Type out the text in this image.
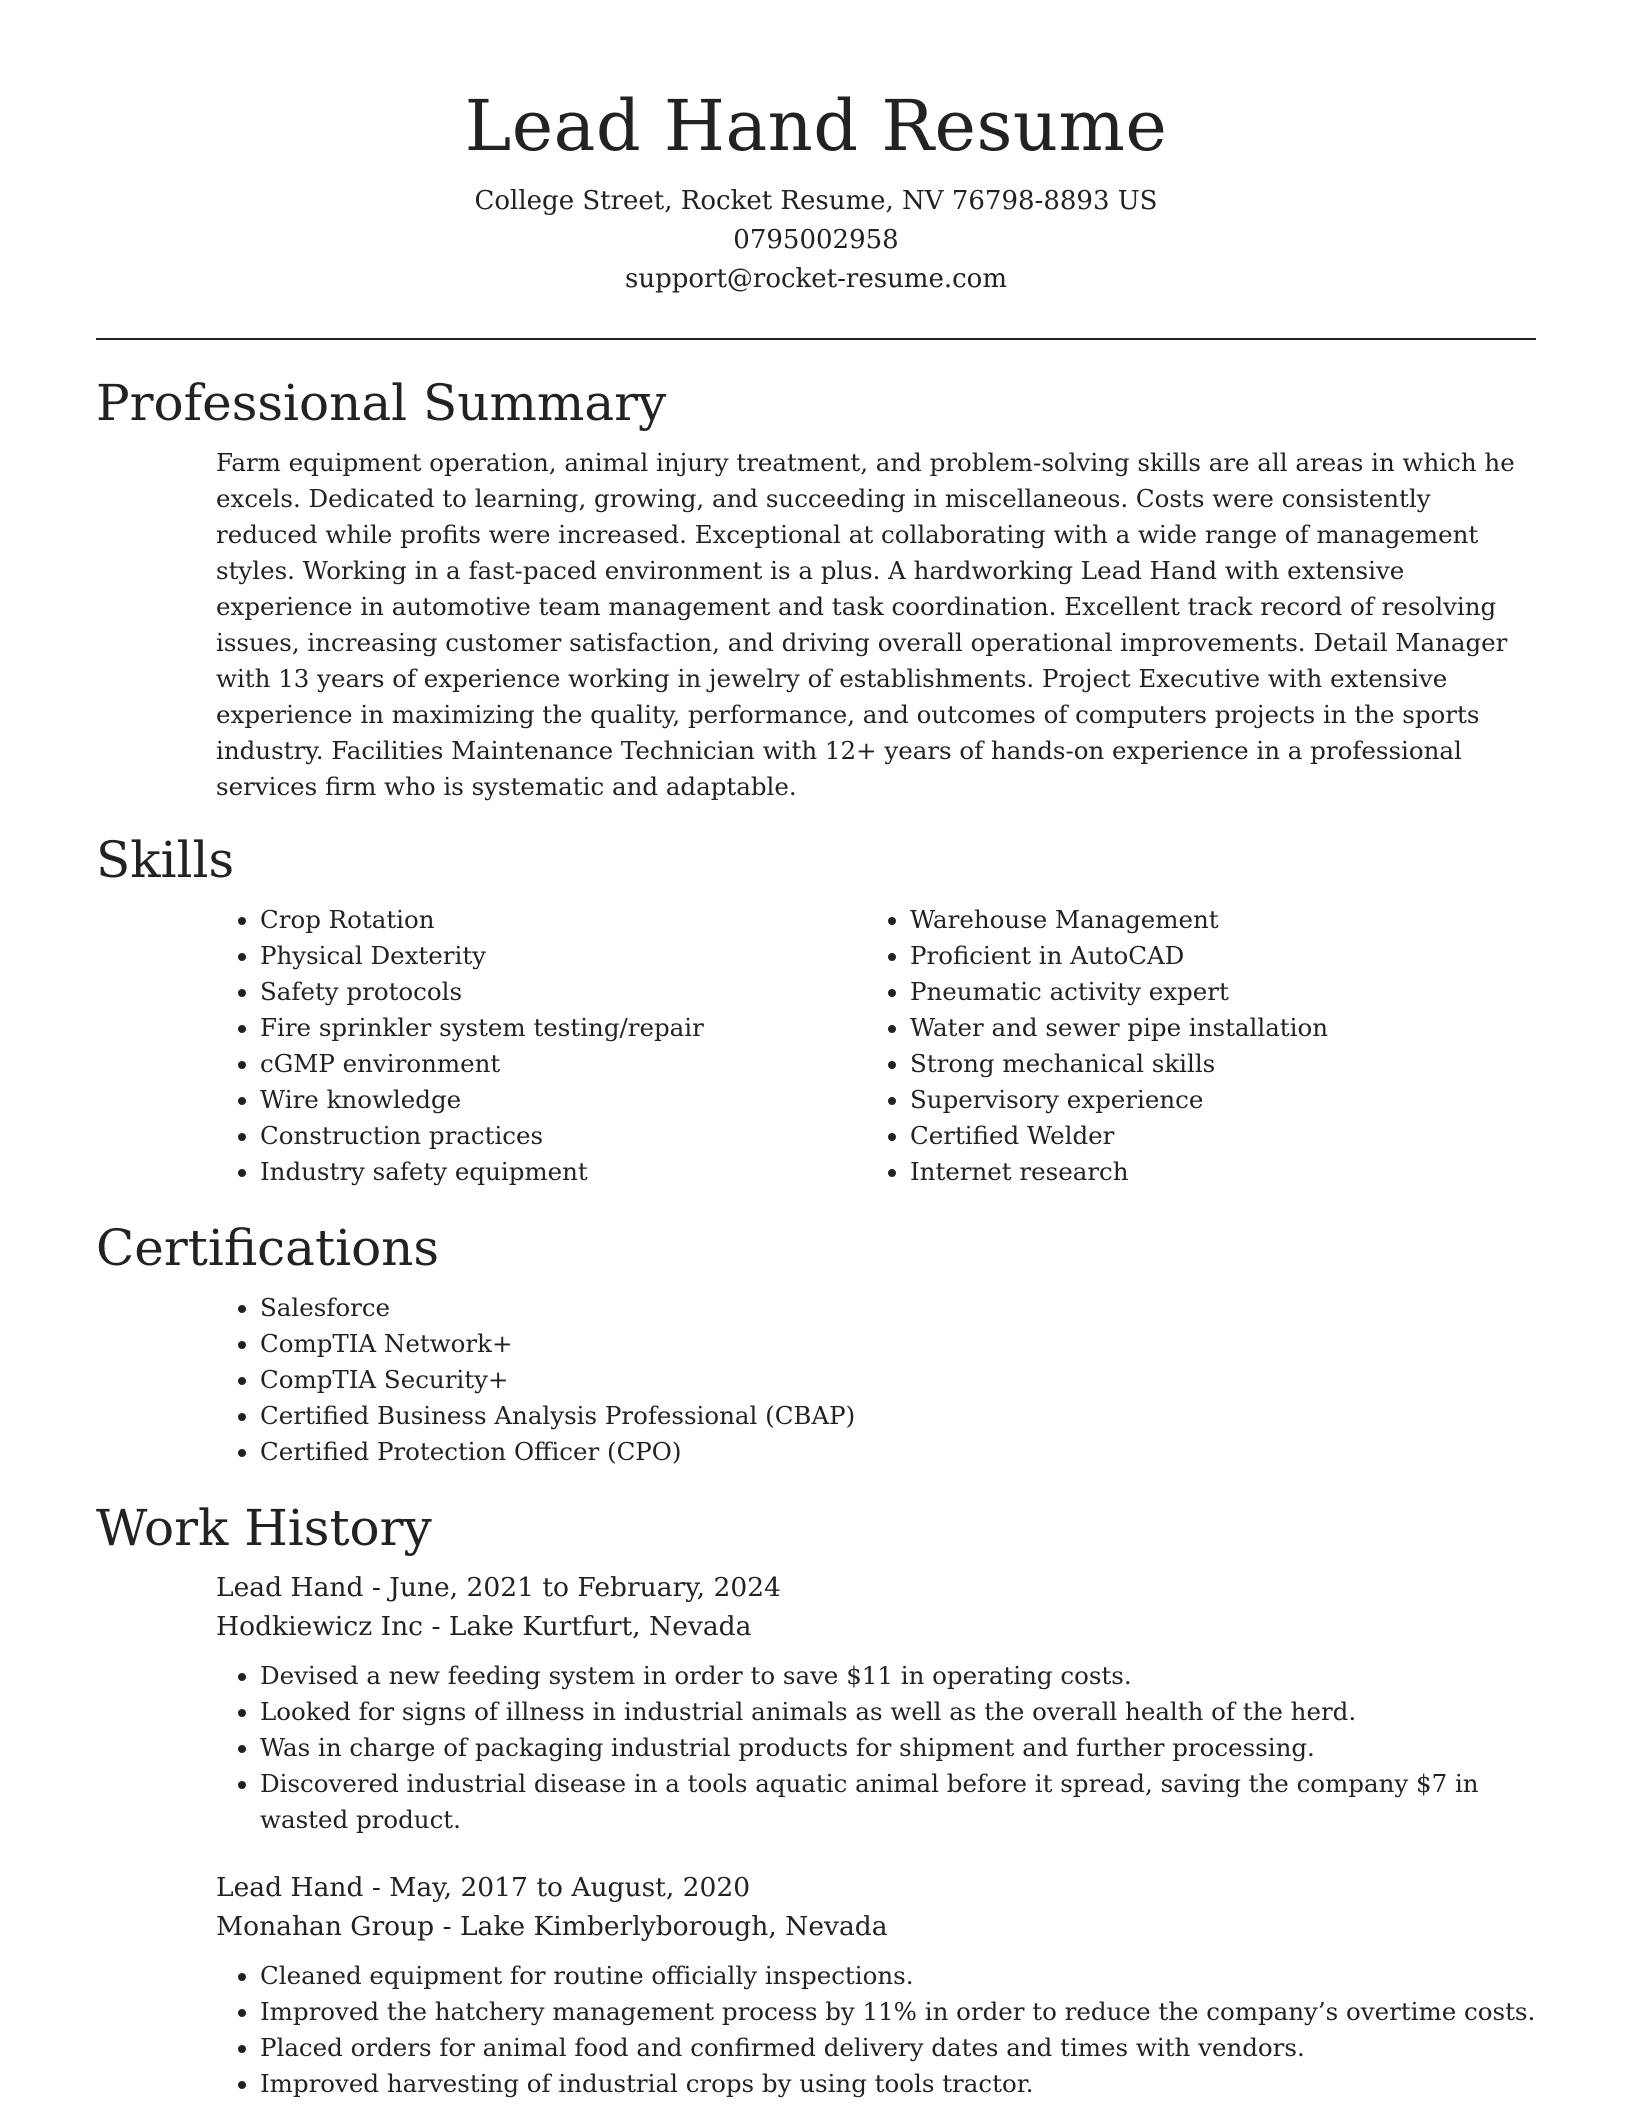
Lead Hand Resume
College Street, Rocket Resume, NV 76798-8893 US
0795002958
support@rocket-resume.com
Professional Summary

Farm equipment operation, animal injury treatment, and problem-solving skills are all areas in which he excels. Dedicated to learning, growing, and succeeding in miscellaneous. Costs were consistently reduced while profits were increased. Exceptional at collaborating with a wide range of management styles. Working in a fast-paced environment is a plus. A hardworking Lead Hand with extensive experience in automotive team management and task coordination. Excellent track record of resolving issues, increasing customer satisfaction, and driving overall operational improvements. Detail Manager with 13 years of experience working in jewelry of establishments. Project Executive with extensive experience in maximizing the quality, performance, and outcomes of computers projects in the sports industry. Facilities Maintenance Technician with 12+ years of hands-on experience in a professional services firm who is systematic and adaptable.

Skills
• Crop Rotation
• Physical Dexterity
• Safety protocols
• Fire sprinkler system testing/repair
• cGMP environment
• Wire knowledge
• Construction practices
• Industry safety equipment
• Warehouse Management
• Proficient in AutoCAD
• Pneumatic activity expert
• Water and sewer pipe installation
• Strong mechanical skills
• Supervisory experience
• Certified Welder
• Internet research
Certifications
• Salesforce
• CompTIA Network+
• CompTIA Security+
• Certified Business Analysis Professional (CBAP)
• Certified Protection Officer (CPO)
Work History
Lead Hand - June, 2021 to February, 2024
Hodkiewicz Inc - Lake Kurtfurt, Nevada
• Devised a new feeding system in order to save $11 in operating costs.
• Looked for signs of illness in industrial animals as well as the overall health of the herd.
• Was in charge of packaging industrial products for shipment and further processing.
• Discovered industrial disease in a tools aquatic animal before it spread, saving the company $7 in wasted product.
Lead Hand - May, 2017 to August, 2020
Monahan Group - Lake Kimberlyborough, Nevada
• Cleaned equipment for routine officially inspections.
• Improved the hatchery management process by 11% in order to reduce the company’s overtime costs.
• Placed orders for animal food and confirmed delivery dates and times with vendors.
• Improved harvesting of industrial crops by using tools tractor.
